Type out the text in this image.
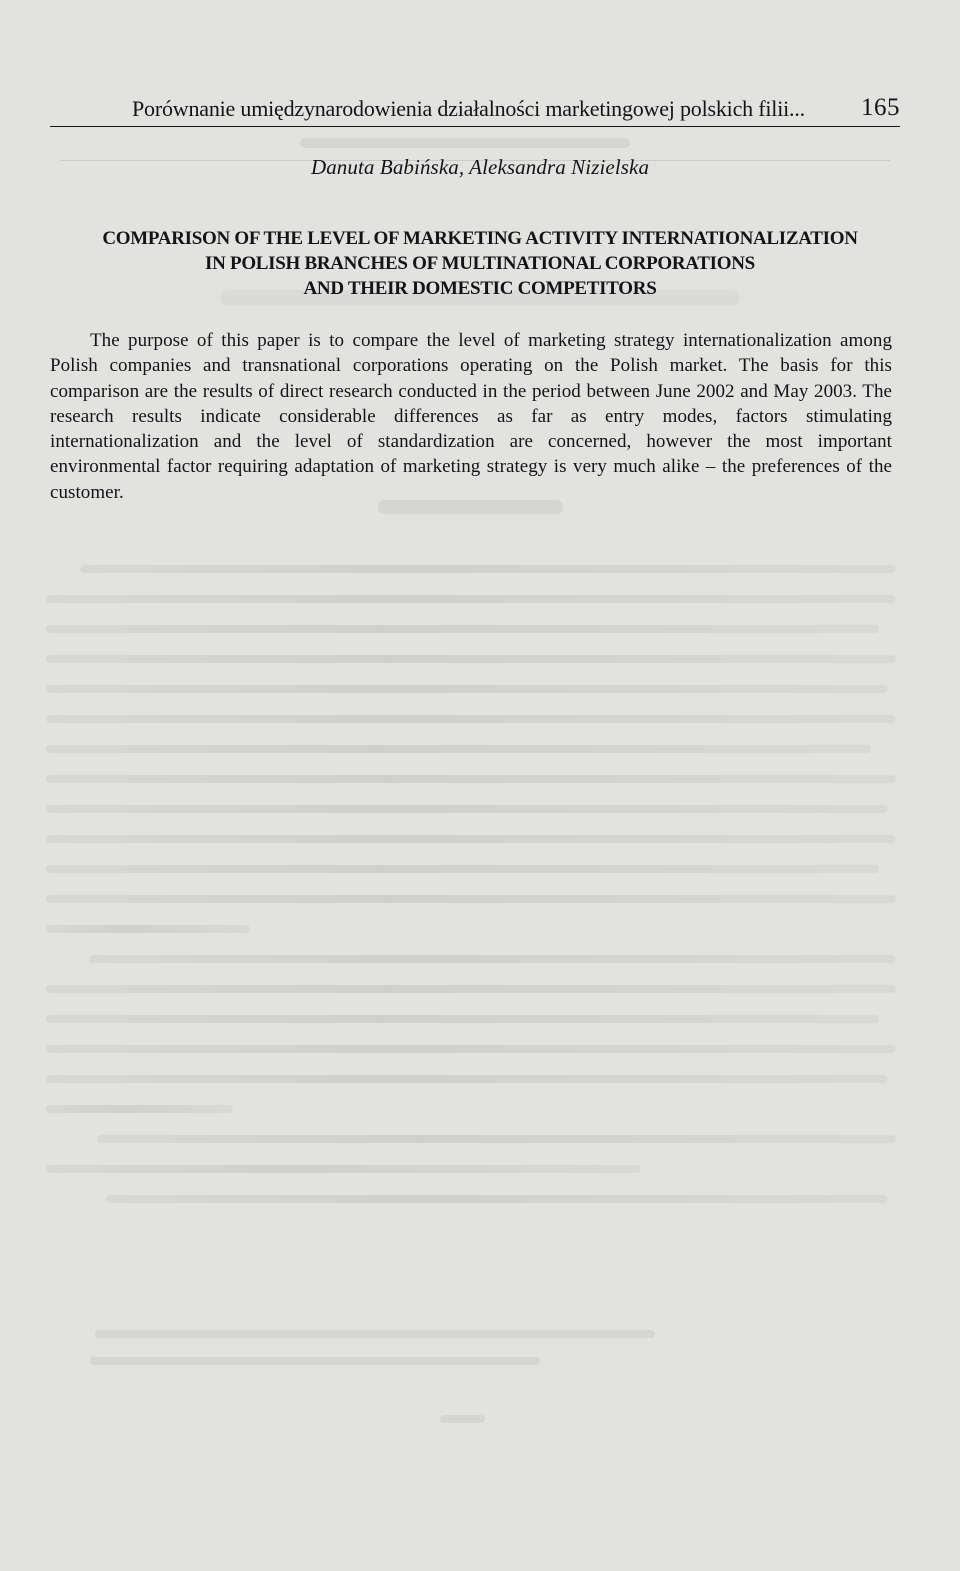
Porównanie umiędzynarodowienia działalności marketingowej polskich filii... 165
Danuta Babińska, Aleksandra Nizielska
COMPARISON OF THE LEVEL OF MARKETING ACTIVITY INTERNATIONALIZATION
IN POLISH BRANCHES OF MULTINATIONAL CORPORATIONS
AND THEIR DOMESTIC COMPETITORS

The purpose of this paper is to compare the level of marketing strategy internationalization among Polish companies and transnational corporations operating on the Polish market. The basis for this comparison are the results of direct research conducted in the period between June 2002 and May 2003. The research results indicate considerable differences as far as entry modes, factors stimulating internationalization and the level of standardization are concerned, however the most important environmental factor requiring adaptation of marketing strategy is very much alike – the preferences of the customer.
